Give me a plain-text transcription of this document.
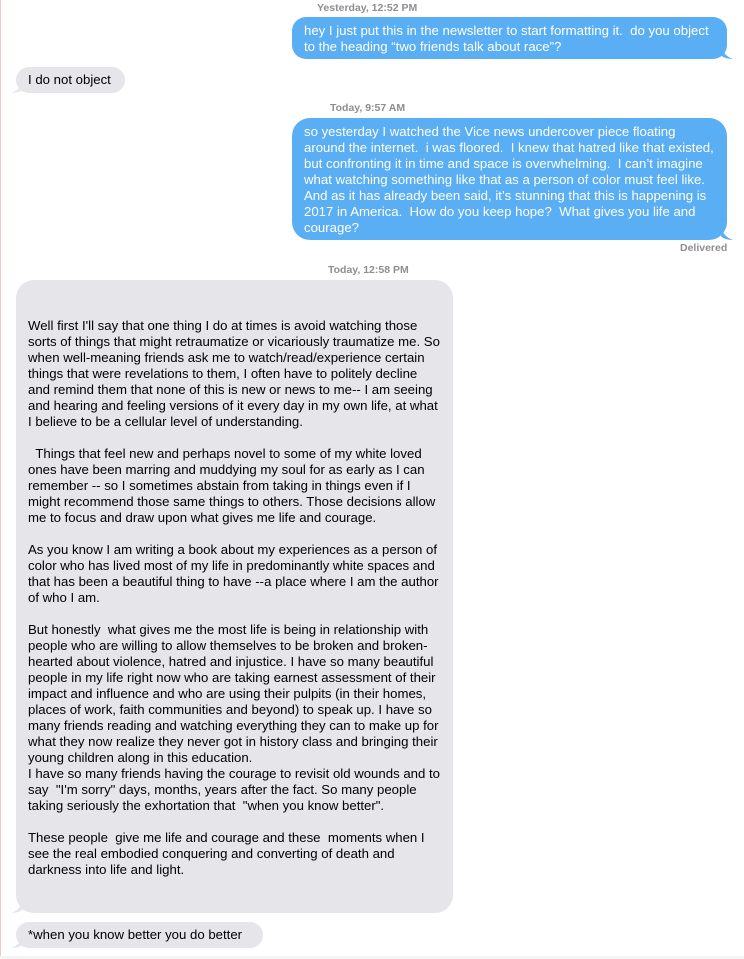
Yesterday, 12:52 PM
hey I just put this in the newsletter to start formatting it.  do you object to the heading “two friends talk about race”?
I do not object
Today, 9:57 AM
so yesterday I watched the Vice news undercover piece floating around the internet.  i was floored.  I knew that hatred like that existed, but confronting it in time and space is overwhelming.  I can’t imagine what watching something like that as a person of color must feel like.  And as it has already been said, it’s stunning that this is happening is 2017 in America.  How do you keep hope?  What gives you life and courage?
Delivered
Today, 12:58 PM

Well first I'll say that one thing I do at times is avoid watching those sorts of things that might retraumatize or vicariously traumatize me. So when well-meaning friends ask me to watch/read/experience certain things that were revelations to them, I often have to politely decline and remind them that none of this is new or news to me-- I am seeing and hearing and feeling versions of it every day in my own life, at what I believe to be a cellular level of understanding.

Things that feel new and perhaps novel to some of my white loved ones have been marring and muddying my soul for as early as I can remember -- so I sometimes abstain from taking in things even if I might recommend those same things to others. Those decisions allow me to focus and draw upon what gives me life and courage.

As you know I am writing a book about my experiences as a person of color who has lived most of my life in predominantly white spaces and that has been a beautiful thing to have --a place where I am the author of who I am.

But honestly  what gives me the most life is being in relationship with people who are willing to allow themselves to be broken and broken-hearted about violence, hatred and injustice. I have so many beautiful people in my life right now who are taking earnest assessment of their impact and influence and who are using their pulpits (in their homes, places of work, faith communities and beyond) to speak up. I have so many friends reading and watching everything they can to make up for what they now realize they never got in history class and bringing their young children along in this education.
I have so many friends having the courage to revisit old wounds and to say  "I'm sorry" days, months, years after the fact. So many people taking seriously the exhortation that  "when you know better".

These people  give me life and courage and these  moments when I see the real embodied conquering and converting of death and darkness into life and light.
*when you know better you do better
